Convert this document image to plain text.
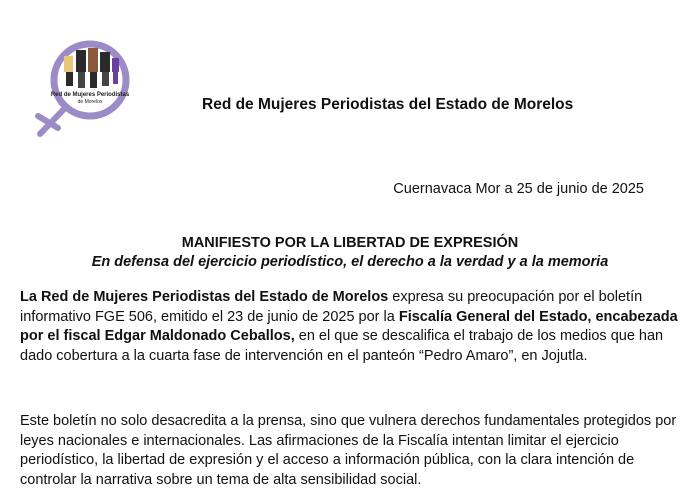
Red de Mujeres Periodistas
de Morelos	Red de Mujeres Periodistas del Estado de Morelos
Cuernavaca Mor a 25 de junio de 2025
MANIFIESTO POR LA LIBERTAD DE EXPRESIÓN
En defensa del ejercicio periodístico, el derecho a la verdad y a la memoria

La Red de Mujeres Periodistas del Estado de Morelos expresa su preocupación por el boletín informativo FGE 506, emitido el 23 de junio de 2025 por la Fiscalía General del Estado, encabezada por el fiscal Edgar Maldonado Ceballos, en el que se descalifica el trabajo de los medios que han dado cobertura a la cuarta fase de intervención en el panteón “Pedro Amaro”, en Jojutla.

Este boletín no solo desacredita a la prensa, sino que vulnera derechos fundamentales protegidos por leyes nacionales e internacionales. Las afirmaciones de la Fiscalía intentan limitar el ejercicio periodístico, la libertad de expresión y el acceso a información pública, con la clara intención de controlar la narrativa sobre un tema de alta sensibilidad social.
